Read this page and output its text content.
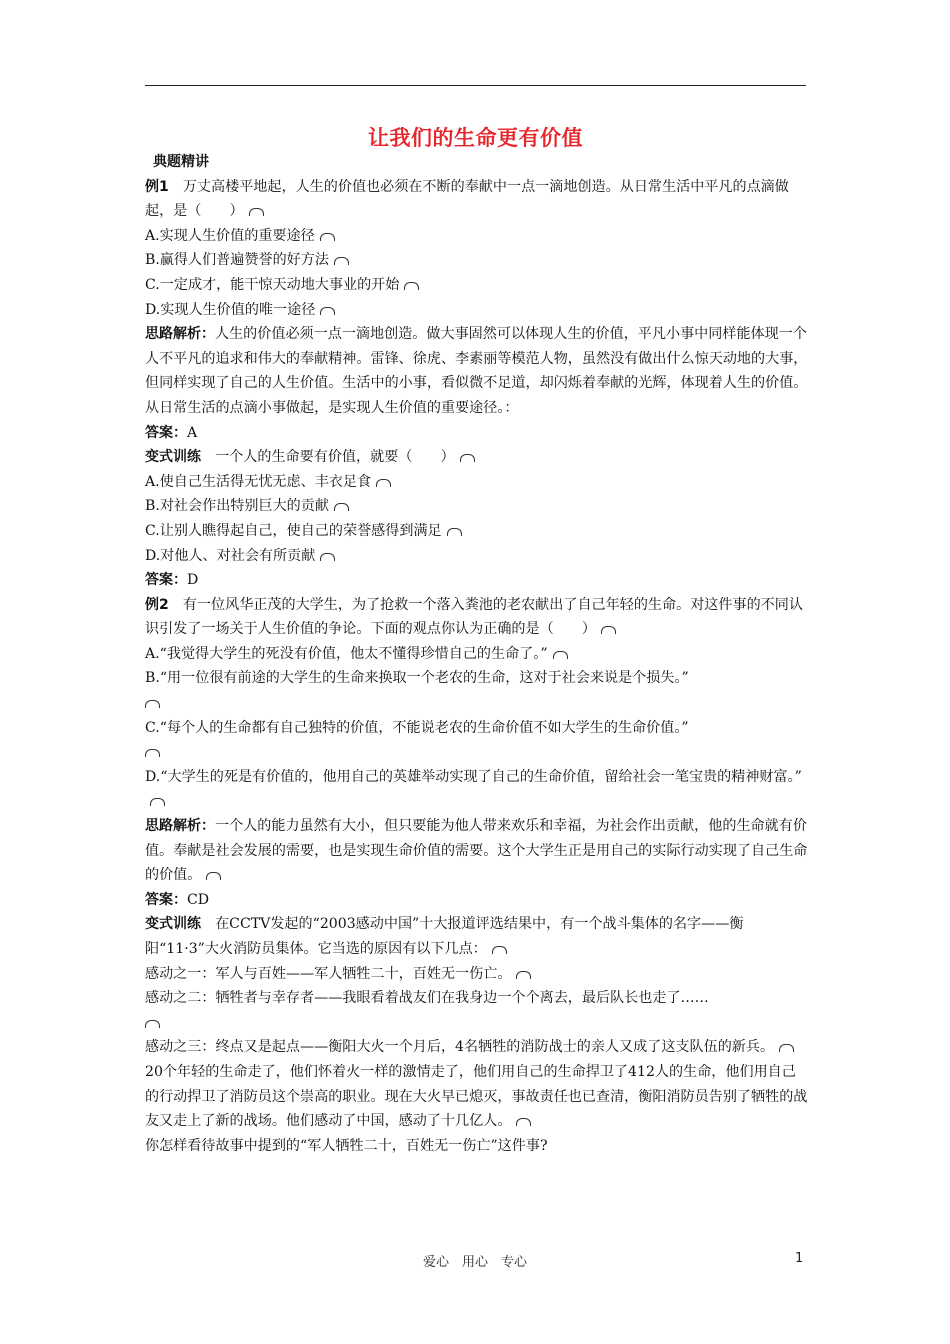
让我们的生命更有价值

典题精讲

例1　 万丈高楼平地起，人生的价值也必须在不断的奉献中一点一滴地创造。从日常生活中平凡的点滴做起，是（　　）

A.实现人生价值的重要途径

B.赢得人们普遍赞誉的好方法

C.一定成才，能干惊天动地大事业的开始

D.实现人生价值的唯一途径

思路解析：人生的价值必须一点一滴地创造。做大事固然可以体现人生的价值，平凡小事中同样能体现一个人不平凡的追求和伟大的奉献精神。雷锋、徐虎、李素丽等模范人物，虽然没有做出什么惊天动地的大事，但同样实现了自己的人生价值。生活中的小事，看似微不足道，却闪烁着奉献的光辉，体现着人生的价值。从日常生活的点滴小事做起，是实现人生价值的重要途径。：

答案：A

变式训练　 一个人的生命要有价值，就要（　　）

A.使自己生活得无忧无虑、丰衣足食

B.对社会作出特别巨大的贡献

C.让别人瞧得起自己，使自己的荣誉感得到满足

D.对他人、对社会有所贡献

答案：D

例2　 有一位风华正茂的大学生，为了抢救一个落入粪池的老农献出了自己年轻的生命。对这件事的不同认识引发了一场关于人生价值的争论。下面的观点你认为正确的是（　　）

A.“我觉得大学生的死没有价值，他太不懂得珍惜自己的生命了。”

B.“用一位很有前途的大学生的生命来换取一个老农的生命，这对于社会来说是个损失。”

C.“每个人的生命都有自己独特的价值，不能说老农的生命价值不如大学生的生命价值。”

D.“大学生的死是有价值的，他用自己的英雄举动实现了自己的生命价值，留给社会一笔宝贵的精神财富。”

思路解析：一个人的能力虽然有大小，但只要能为他人带来欢乐和幸福，为社会作出贡献，他的生命就有价值。奉献是社会发展的需要，也是实现生命价值的需要。这个大学生正是用自己的实际行动实现了自己生命的价值。

答案：CD

变式训练　 在CCTV发起的“2003感动中国”十大报道评选结果中，有一个战斗集体的名字——衡阳“11·3”大火消防员集体。它当选的原因有以下几点：

感动之一：军人与百姓——军人牺牲二十，百姓无一伤亡。

感动之二：牺牲者与幸存者——我眼看着战友们在我身边一个个离去，最后队长也走了……

感动之三：终点又是起点——衡阳大火一个月后，4名牺牲的消防战士的亲人又成了这支队伍的新兵。

20个年轻的生命走了，他们怀着火一样的激情走了，他们用自己的生命捍卫了412人的生命，他们用自己的行动捍卫了消防员这个崇高的职业。现在大火早已熄灭，事故责任也已查清，衡阳消防员告别了牺牲的战友又走上了新的战场。他们感动了中国，感动了十几亿人。

你怎样看待故事中提到的“军人牺牲二十，百姓无一伤亡”这件事?

爱心　用心　专心	1
